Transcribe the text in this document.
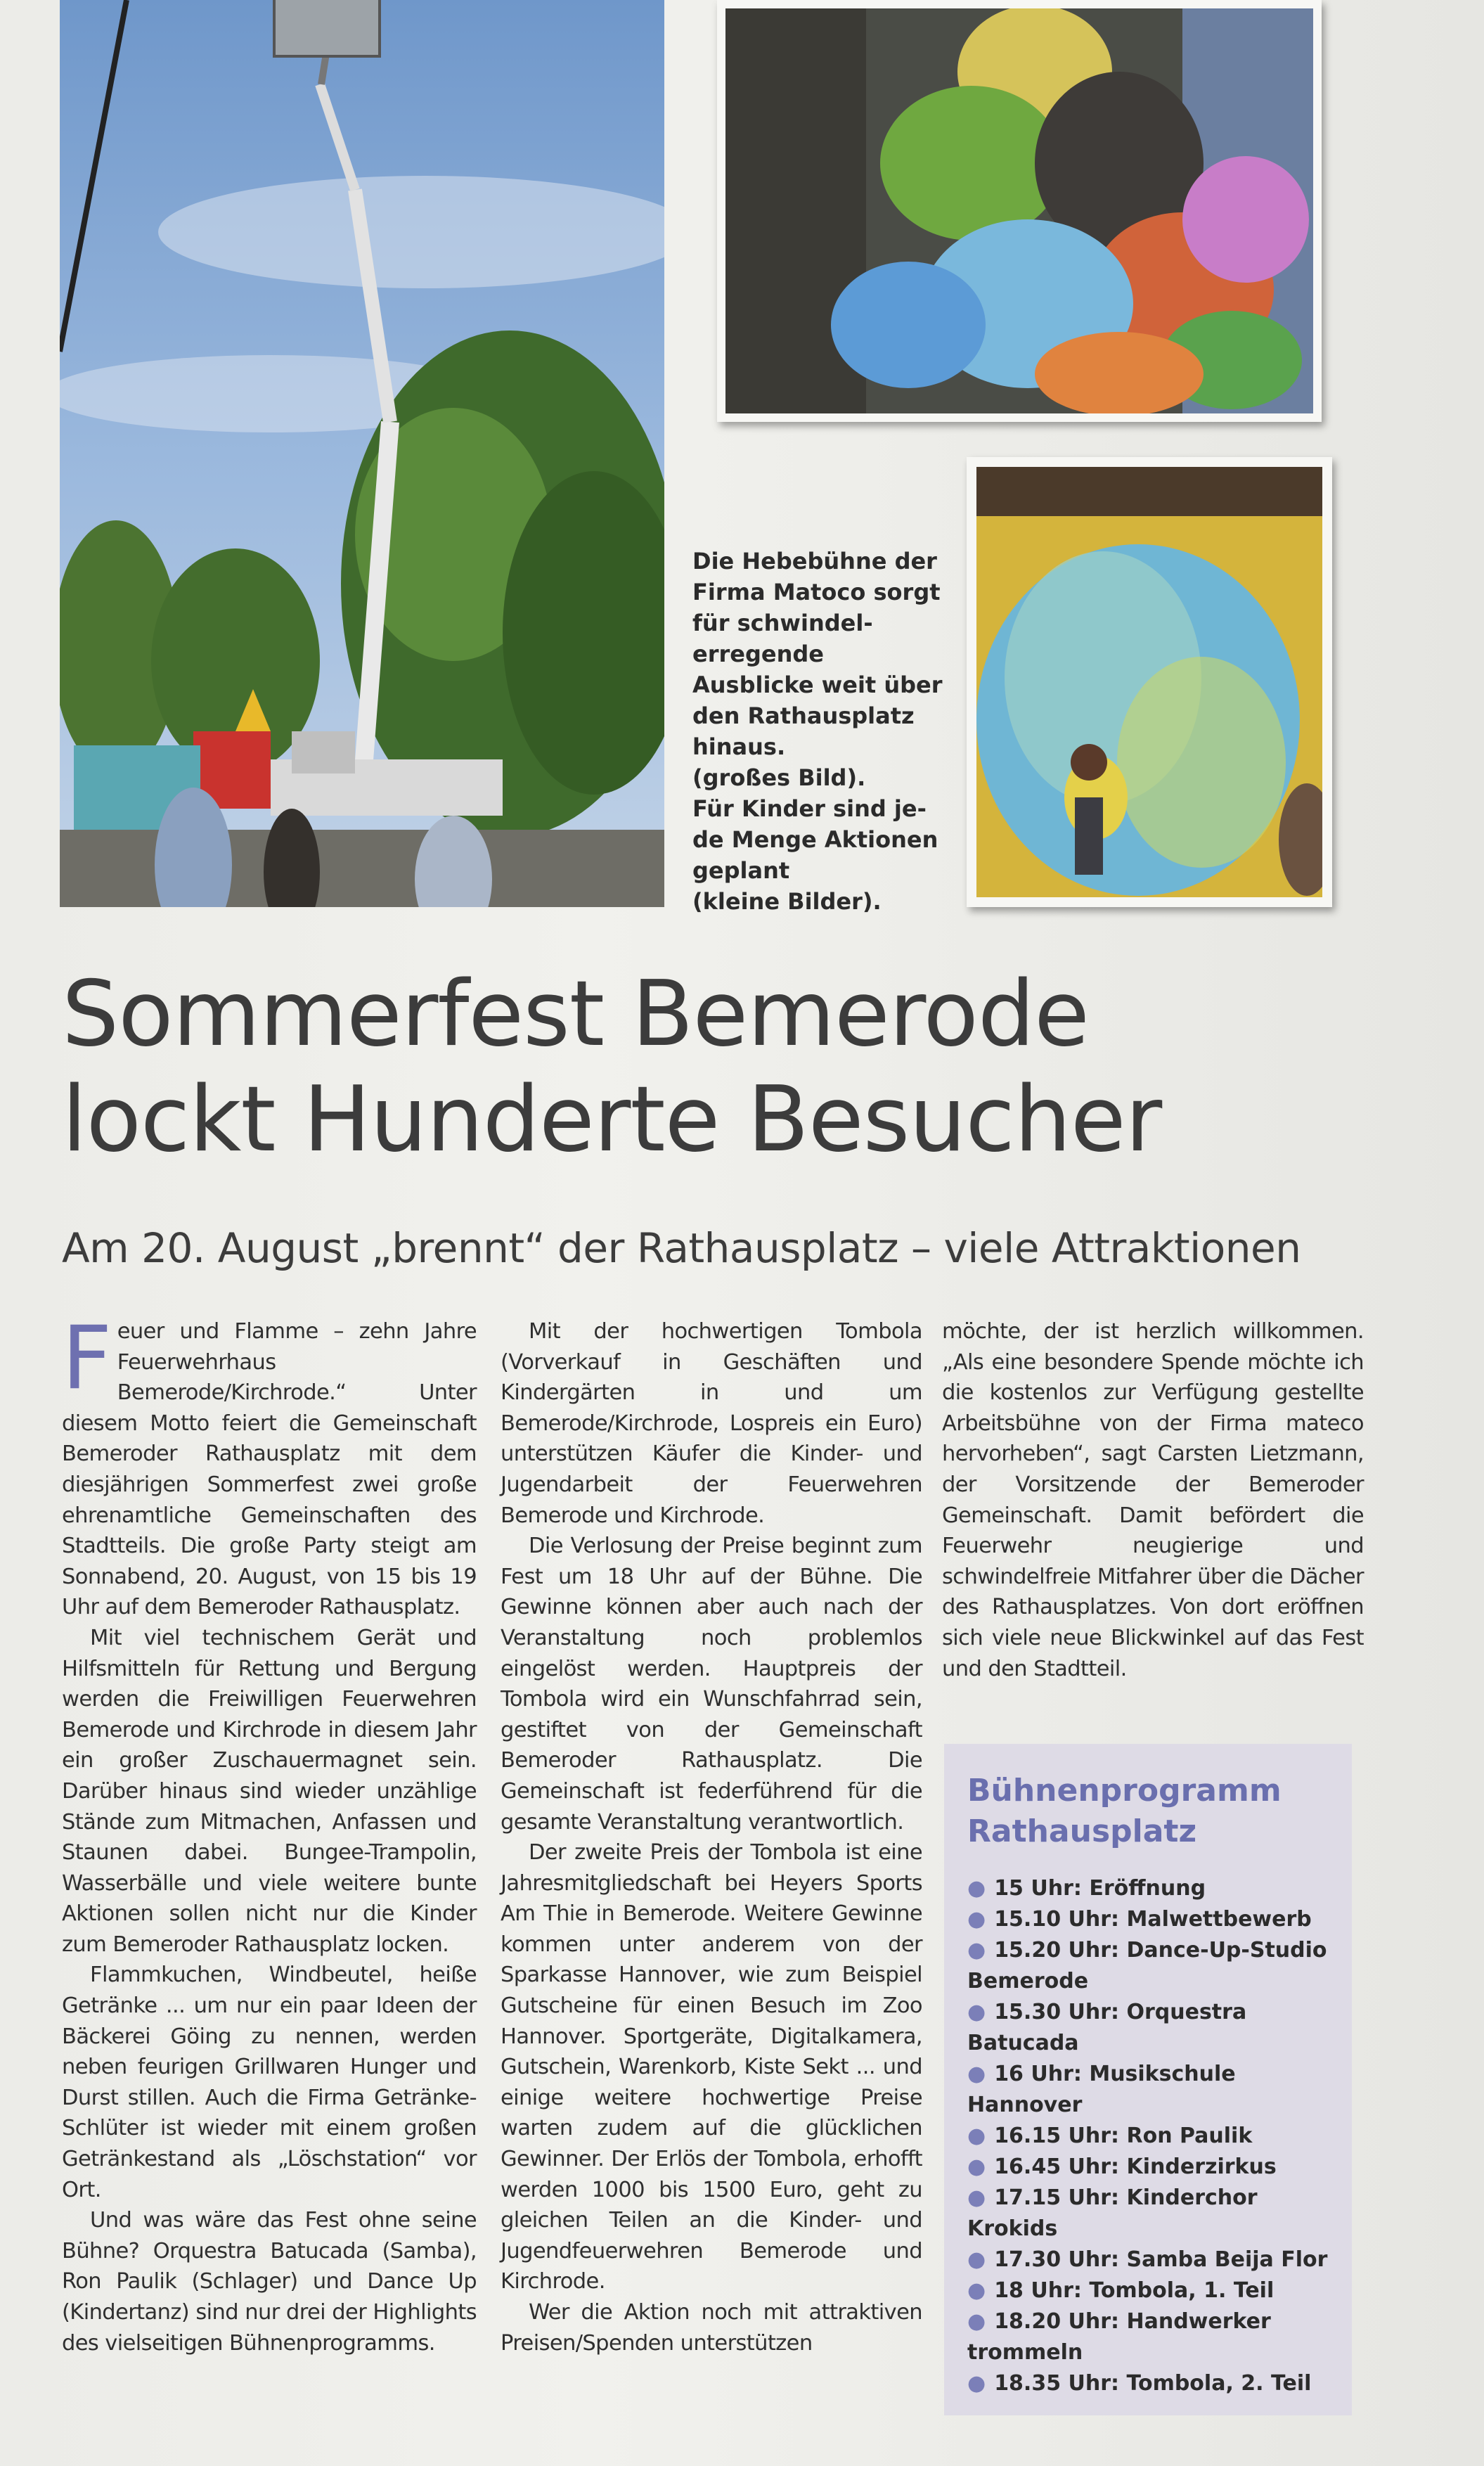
Die Hebebühne der
Firma Matoco sorgt
für schwindel-
erregende
Ausblicke weit über
den Rathausplatz
hinaus.
(großes Bild).
Für Kinder sind je-
de Menge Aktionen
geplant
(kleine Bilder).
Sommerfest Bemerode
lockt Hunderte Besucher
Am 20. August „brennt“ der Rathausplatz – viele Attraktionen

Feuer und Flamme – zehn Jahre Feuerwehrhaus Bemerode/Kirchrode.“ Unter diesem Motto feiert die Gemeinschaft Bemeroder Rathausplatz mit dem diesjährigen Sommerfest zwei große ehrenamtliche Gemeinschaften des Stadtteils. Die große Party steigt am Sonnabend, 20. August, von 15 bis 19 Uhr auf dem Bemeroder Rathausplatz.

Mit viel technischem Gerät und Hilfsmitteln für Rettung und Bergung werden die Freiwilligen Feuerwehren Bemerode und Kirchrode in diesem Jahr ein großer Zuschauermagnet sein. Darüber hinaus sind wieder unzählige Stände zum Mitmachen, Anfassen und Staunen dabei. Bungee-Trampolin, Wasserbälle und viele weitere bunte Aktionen sollen nicht nur die Kinder zum Bemeroder Rathausplatz locken.

Flammkuchen, Windbeutel, heiße Getränke ... um nur ein paar Ideen der Bäckerei Göing zu nennen, werden neben feurigen Grillwaren Hunger und Durst stillen. Auch die Firma Getränke-Schlüter ist wieder mit einem großen Getränkestand als „Löschstation“ vor Ort.

Und was wäre das Fest ohne seine Bühne? Orquestra Batucada (Samba), Ron Paulik (Schlager) und Dance Up (Kindertanz) sind nur drei der Highlights des vielseitigen Bühnenprogramms.

Mit der hochwertigen Tombola (Vorverkauf in Geschäften und Kindergärten in und um Bemerode/Kirchrode, Lospreis ein Euro) unterstützen Käufer die Kinder- und Jugendarbeit der Feuerwehren Bemerode und Kirchrode.

Die Verlosung der Preise beginnt zum Fest um 18 Uhr auf der Bühne. Die Gewinne können aber auch nach der Veranstaltung noch problemlos eingelöst werden. Hauptpreis der Tombola wird ein Wunschfahrrad sein, gestiftet von der Gemeinschaft Bemeroder Rathausplatz. Die Gemeinschaft ist federführend für die gesamte Veranstaltung verantwortlich.

Der zweite Preis der Tombola ist eine Jahresmitgliedschaft bei Heyers Sports Am Thie in Bemerode. Weitere Gewinne kommen unter anderem von der Sparkasse Hannover, wie zum Beispiel Gutscheine für einen Besuch im Zoo Hannover. Sportgeräte, Digitalkamera, Gutschein, Warenkorb, Kiste Sekt ... und einige weitere hochwertige Preise warten zudem auf die glücklichen Gewinner. Der Erlös der Tombola, erhofft werden 1000 bis 1500 Euro, geht zu gleichen Teilen an die Kinder- und Jugendfeuerwehren Bemerode und Kirchrode.

Wer die Aktion noch mit attraktiven Preisen/Spenden unterstützen

möchte, der ist herzlich willkommen. „Als eine besondere Spende möchte ich die kostenlos zur Verfügung gestellte Arbeitsbühne von der Firma mateco hervorheben“, sagt Carsten Lietzmann, der Vorsitzende der Bemeroder Gemeinschaft. Damit befördert die Feuerwehr neugierige und schwindelfreie Mitfahrer über die Dächer des Rathausplatzes. Von dort eröffnen sich viele neue Blickwinkel auf das Fest und den Stadtteil.

Bühnenprogramm
Rathausplatz
● 15 Uhr: Eröffnung
● 15.10 Uhr: Malwettbewerb
● 15.20 Uhr: Dance-Up-Studio Bemerode
● 15.30 Uhr: Orquestra Batucada
● 16 Uhr: Musikschule Hannover
● 16.15 Uhr: Ron Paulik
● 16.45 Uhr: Kinderzirkus
● 17.15 Uhr: Kinderchor Krokids
● 17.30 Uhr: Samba Beija Flor
● 18 Uhr: Tombola, 1. Teil
● 18.20 Uhr: Handwerker trommeln
● 18.35 Uhr: Tombola, 2. Teil
